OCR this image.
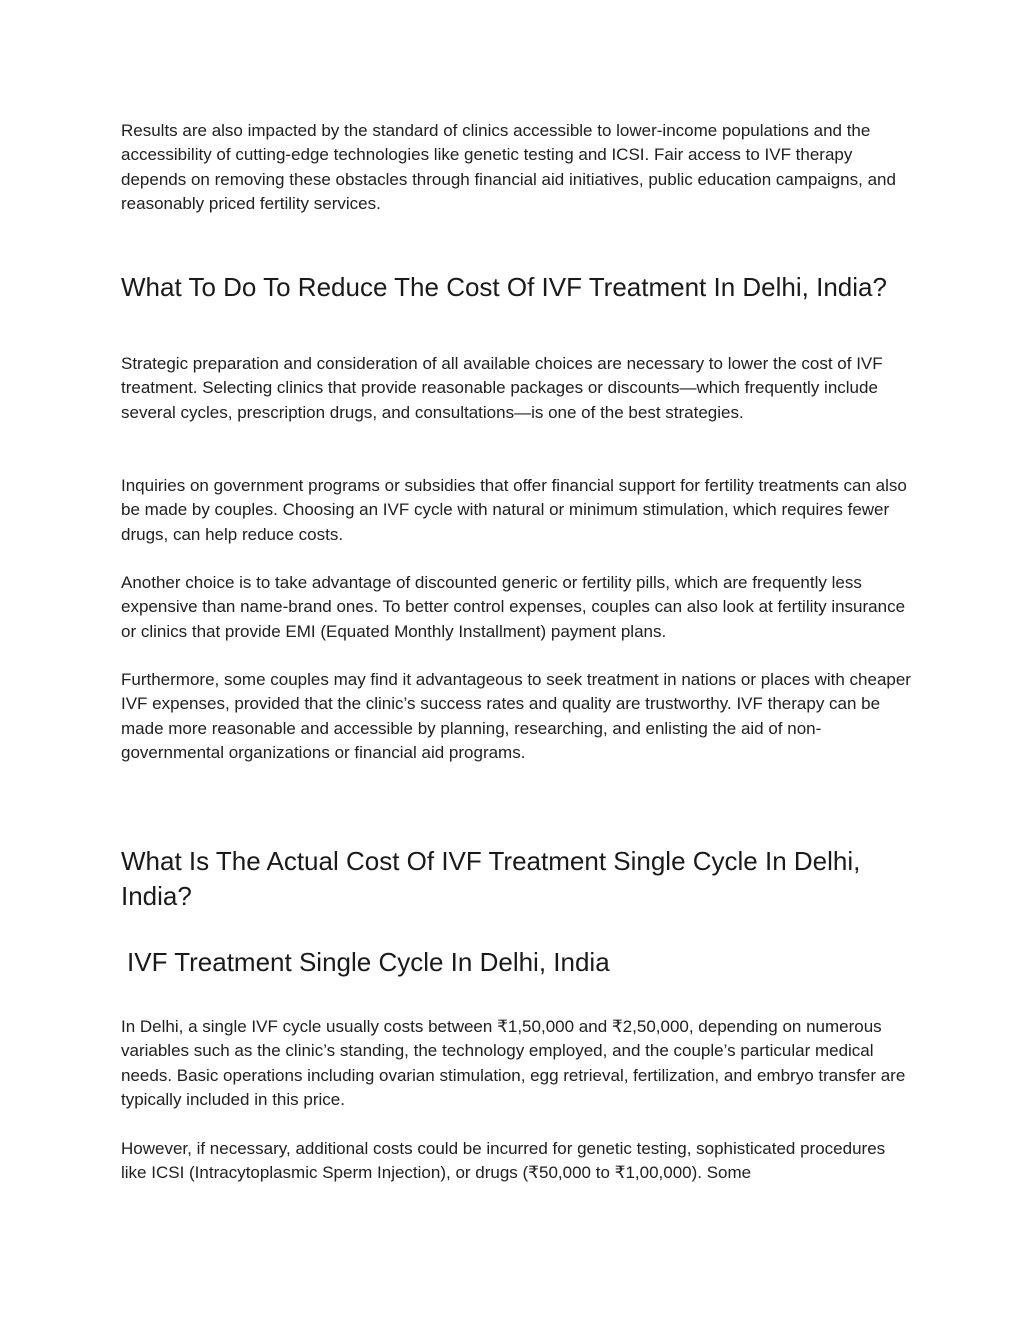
Results are also impacted by the standard of clinics accessible to lower-income populations and the accessibility of cutting-edge technologies like genetic testing and ICSI. Fair access to IVF therapy depends on removing these obstacles through financial aid initiatives, public education campaigns, and reasonably priced fertility services.

What To Do To Reduce The Cost Of IVF Treatment In Delhi, India?

Strategic preparation and consideration of all available choices are necessary to lower the cost of IVF treatment. Selecting clinics that provide reasonable packages or discounts—which frequently include several cycles, prescription drugs, and consultations—is one of the best strategies.

Inquiries on government programs or subsidies that offer financial support for fertility treatments can also be made by couples. Choosing an IVF cycle with natural or minimum stimulation, which requires fewer drugs, can help reduce costs.

Another choice is to take advantage of discounted generic or fertility pills, which are frequently less expensive than name-brand ones. To better control expenses, couples can also look at fertility insurance or clinics that provide EMI (Equated Monthly Installment) payment plans.

Furthermore, some couples may find it advantageous to seek treatment in nations or places with cheaper IVF expenses, provided that the clinic’s success rates and quality are trustworthy. IVF therapy can be made more reasonable and accessible by planning, researching, and enlisting the aid of non-governmental organizations or financial aid programs.

What Is The Actual Cost Of IVF Treatment Single Cycle In Delhi, India?
IVF Treatment Single Cycle In Delhi, India

In Delhi, a single IVF cycle usually costs between ₹1,50,000 and ₹2,50,000, depending on numerous variables such as the clinic’s standing, the technology employed, and the couple’s particular medical needs. Basic operations including ovarian stimulation, egg retrieval, fertilization, and embryo transfer are typically included in this price.

However, if necessary, additional costs could be incurred for genetic testing, sophisticated procedures like ICSI (Intracytoplasmic Sperm Injection), or drugs (₹50,000 to ₹1,00,000). Some
